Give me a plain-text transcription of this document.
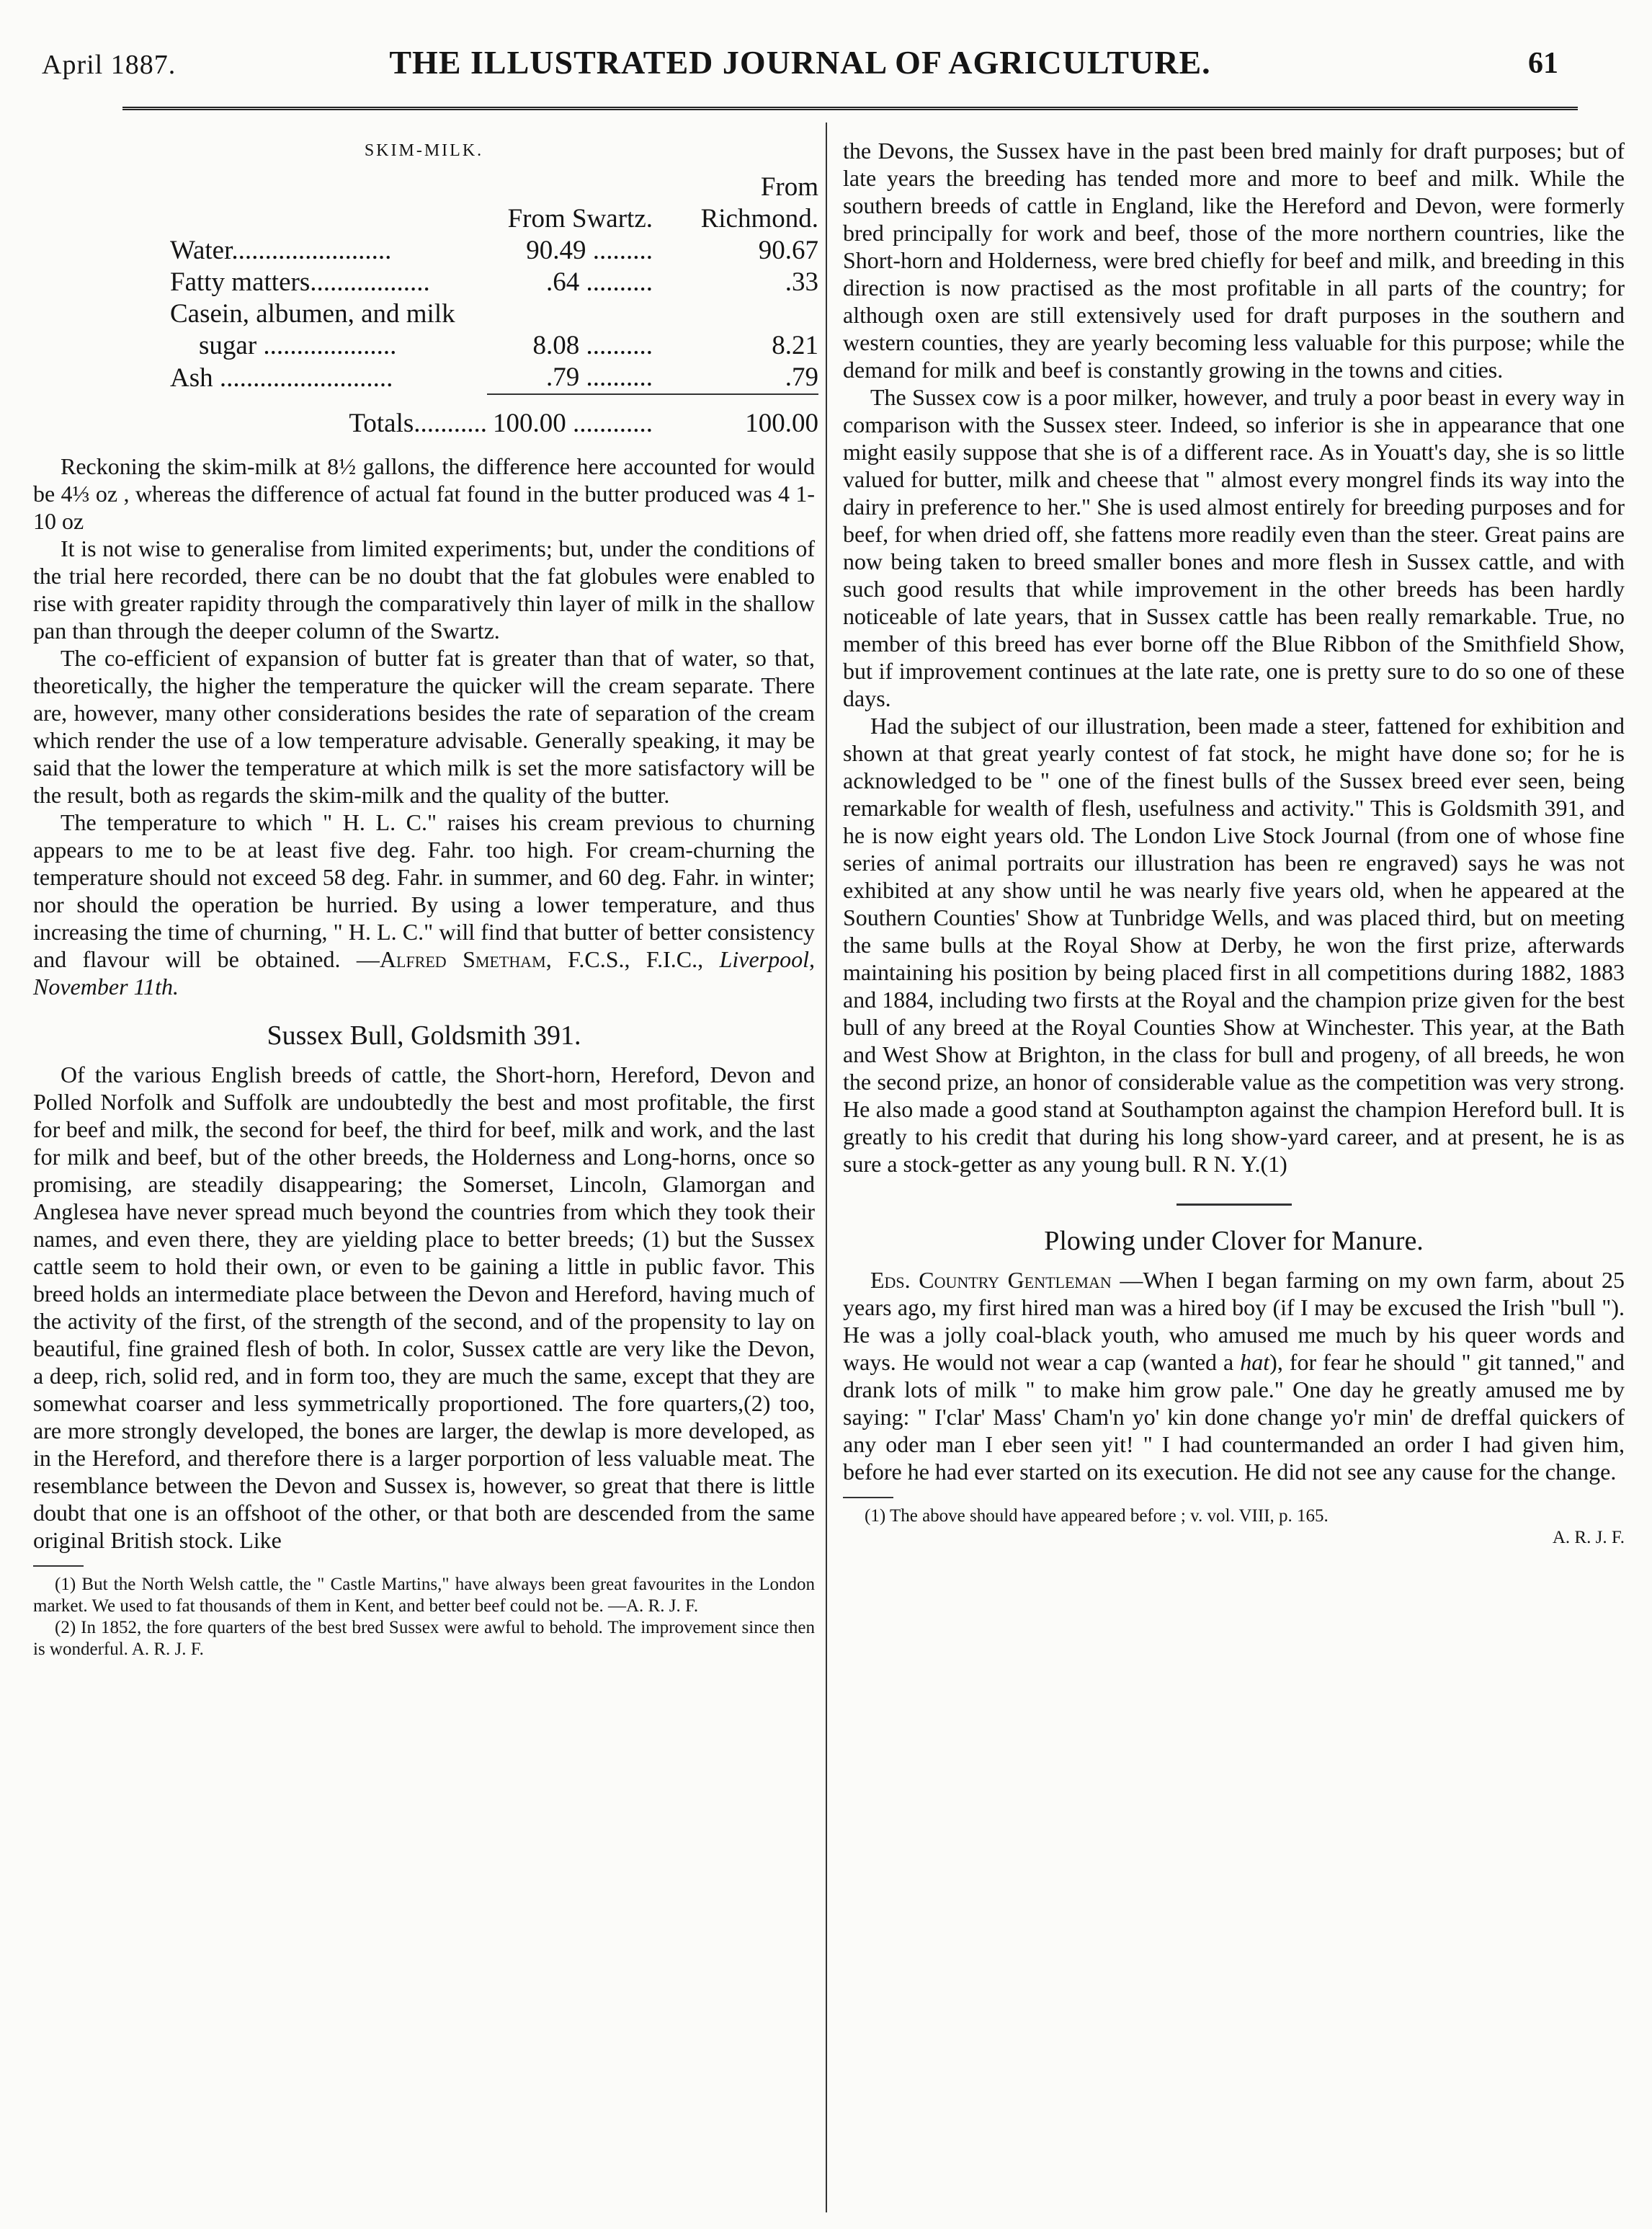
April 1887.	THE ILLUSTRATED JOURNAL OF AGRICULTURE.	61
SKIM-MILK.
	From Swartz.	From Richmond.
Water........................	90.49 .........	90.67
Fatty matters..................	.64 ..........	.33
Casein, albumen, and milk		
sugar ....................	8.08 ..........	8.21
Ash ..........................	.79 ..........	.79
Totals...........	100.00 ............	100.00

Reckoning the skim-milk at 8½ gallons, the difference here accounted for would be 4⅓ oz , whereas the difference of actual fat found in the butter produced was 4 1-10 oz

It is not wise to generalise from limited experiments; but, under the conditions of the trial here recorded, there can be no doubt that the fat globules were enabled to rise with greater rapidity through the comparatively thin layer of milk in the shallow pan than through the deeper column of the Swartz.

The co-efficient of expansion of butter fat is greater than that of water, so that, theoretically, the higher the temperature the quicker will the cream separate. There are, however, many other considerations besides the rate of separation of the cream which render the use of a low temperature advisable. Generally speaking, it may be said that the lower the temperature at which milk is set the more satisfactory will be the result, both as regards the skim-milk and the quality of the butter.

The temperature to which " H. L. C." raises his cream previous to churning appears to me to be at least five deg. Fahr. too high. For cream-churning the temperature should not exceed 58 deg. Fahr. in summer, and 60 deg. Fahr. in winter; nor should the operation be hurried. By using a lower temperature, and thus increasing the time of churning, " H. L. C." will find that butter of better consistency and flavour will be obtained. —Alfred Smetham, F.C.S., F.I.C., Liverpool, November 11th.

Sussex Bull, Goldsmith 391.

Of the various English breeds of cattle, the Short-horn, Hereford, Devon and Polled Norfolk and Suffolk are undoubtedly the best and most profitable, the first for beef and milk, the second for beef, the third for beef, milk and work, and the last for milk and beef, but of the other breeds, the Holderness and Long-horns, once so promising, are steadily disappearing; the Somerset, Lincoln, Glamorgan and Anglesea have never spread much beyond the countries from which they took their names, and even there, they are yielding place to better breeds; (1) but the Sussex cattle seem to hold their own, or even to be gaining a little in public favor. This breed holds an intermediate place between the Devon and Hereford, having much of the activity of the first, of the strength of the second, and of the propensity to lay on beautiful, fine grained flesh of both. In color, Sussex cattle are very like the Devon, a deep, rich, solid red, and in form too, they are much the same, except that they are somewhat coarser and less symmetrically proportioned. The fore quarters,(2) too, are more strongly developed, the bones are larger, the dewlap is more developed, as in the Hereford, and therefore there is a larger porportion of less valuable meat. The resemblance between the Devon and Sussex is, however, so great that there is little doubt that one is an offshoot of the other, or that both are descended from the same original British stock. Like

(1) But the North Welsh cattle, the " Castle Martins," have always been great favourites in the London market. We used to fat thousands of them in Kent, and better beef could not be. —A. R. J. F.

(2) In 1852, the fore quarters of the best bred Sussex were awful to behold. The improvement since then is wonderful. A. R. J. F.

the Devons, the Sussex have in the past been bred mainly for draft purposes; but of late years the breeding has tended more and more to beef and milk. While the southern breeds of cattle in England, like the Hereford and Devon, were formerly bred principally for work and beef, those of the more northern countries, like the Short-horn and Holderness, were bred chiefly for beef and milk, and breeding in this direction is now practised as the most profitable in all parts of the country; for although oxen are still extensively used for draft purposes in the southern and western counties, they are yearly becoming less valuable for this purpose; while the demand for milk and beef is constantly growing in the towns and cities.

The Sussex cow is a poor milker, however, and truly a poor beast in every way in comparison with the Sussex steer. Indeed, so inferior is she in appearance that one might easily suppose that she is of a different race. As in Youatt's day, she is so little valued for butter, milk and cheese that " almost every mongrel finds its way into the dairy in preference to her." She is used almost entirely for breeding purposes and for beef, for when dried off, she fattens more readily even than the steer. Great pains are now being taken to breed smaller bones and more flesh in Sussex cattle, and with such good results that while improvement in the other breeds has been hardly noticeable of late years, that in Sussex cattle has been really remarkable. True, no member of this breed has ever borne off the Blue Ribbon of the Smithfield Show, but if improvement continues at the late rate, one is pretty sure to do so one of these days.

Had the subject of our illustration, been made a steer, fattened for exhibition and shown at that great yearly contest of fat stock, he might have done so; for he is acknowledged to be " one of the finest bulls of the Sussex breed ever seen, being remarkable for wealth of flesh, usefulness and activity." This is Goldsmith 391, and he is now eight years old. The London Live Stock Journal (from one of whose fine series of animal portraits our illustration has been re engraved) says he was not exhibited at any show until he was nearly five years old, when he appeared at the Southern Counties' Show at Tunbridge Wells, and was placed third, but on meeting the same bulls at the Royal Show at Derby, he won the first prize, afterwards maintaining his position by being placed first in all competitions during 1882, 1883 and 1884, including two firsts at the Royal and the champion prize given for the best bull of any breed at the Royal Counties Show at Winchester. This year, at the Bath and West Show at Brighton, in the class for bull and progeny, of all breeds, he won the second prize, an honor of considerable value as the competition was very strong. He also made a good stand at Southampton against the champion Hereford bull. It is greatly to his credit that during his long show-yard career, and at present, he is as sure a stock-getter as any young bull. R N. Y.(1)

Plowing under Clover for Manure.

Eds. Country Gentleman —When I began farming on my own farm, about 25 years ago, my first hired man was a hired boy (if I may be excused the Irish "bull "). He was a jolly coal-black youth, who amused me much by his queer words and ways. He would not wear a cap (wanted a hat), for fear he should " git tanned," and drank lots of milk " to make him grow pale." One day he greatly amused me by saying: " I'clar' Mass' Cham'n yo' kin done change yo'r min' de dreffal quickers of any oder man I eber seen yit! " I had countermanded an order I had given him, before he had ever started on its execution. He did not see any cause for the change.

(1) The above should have appeared before ; v. vol. VIII, p. 165.

A. R. J. F.
